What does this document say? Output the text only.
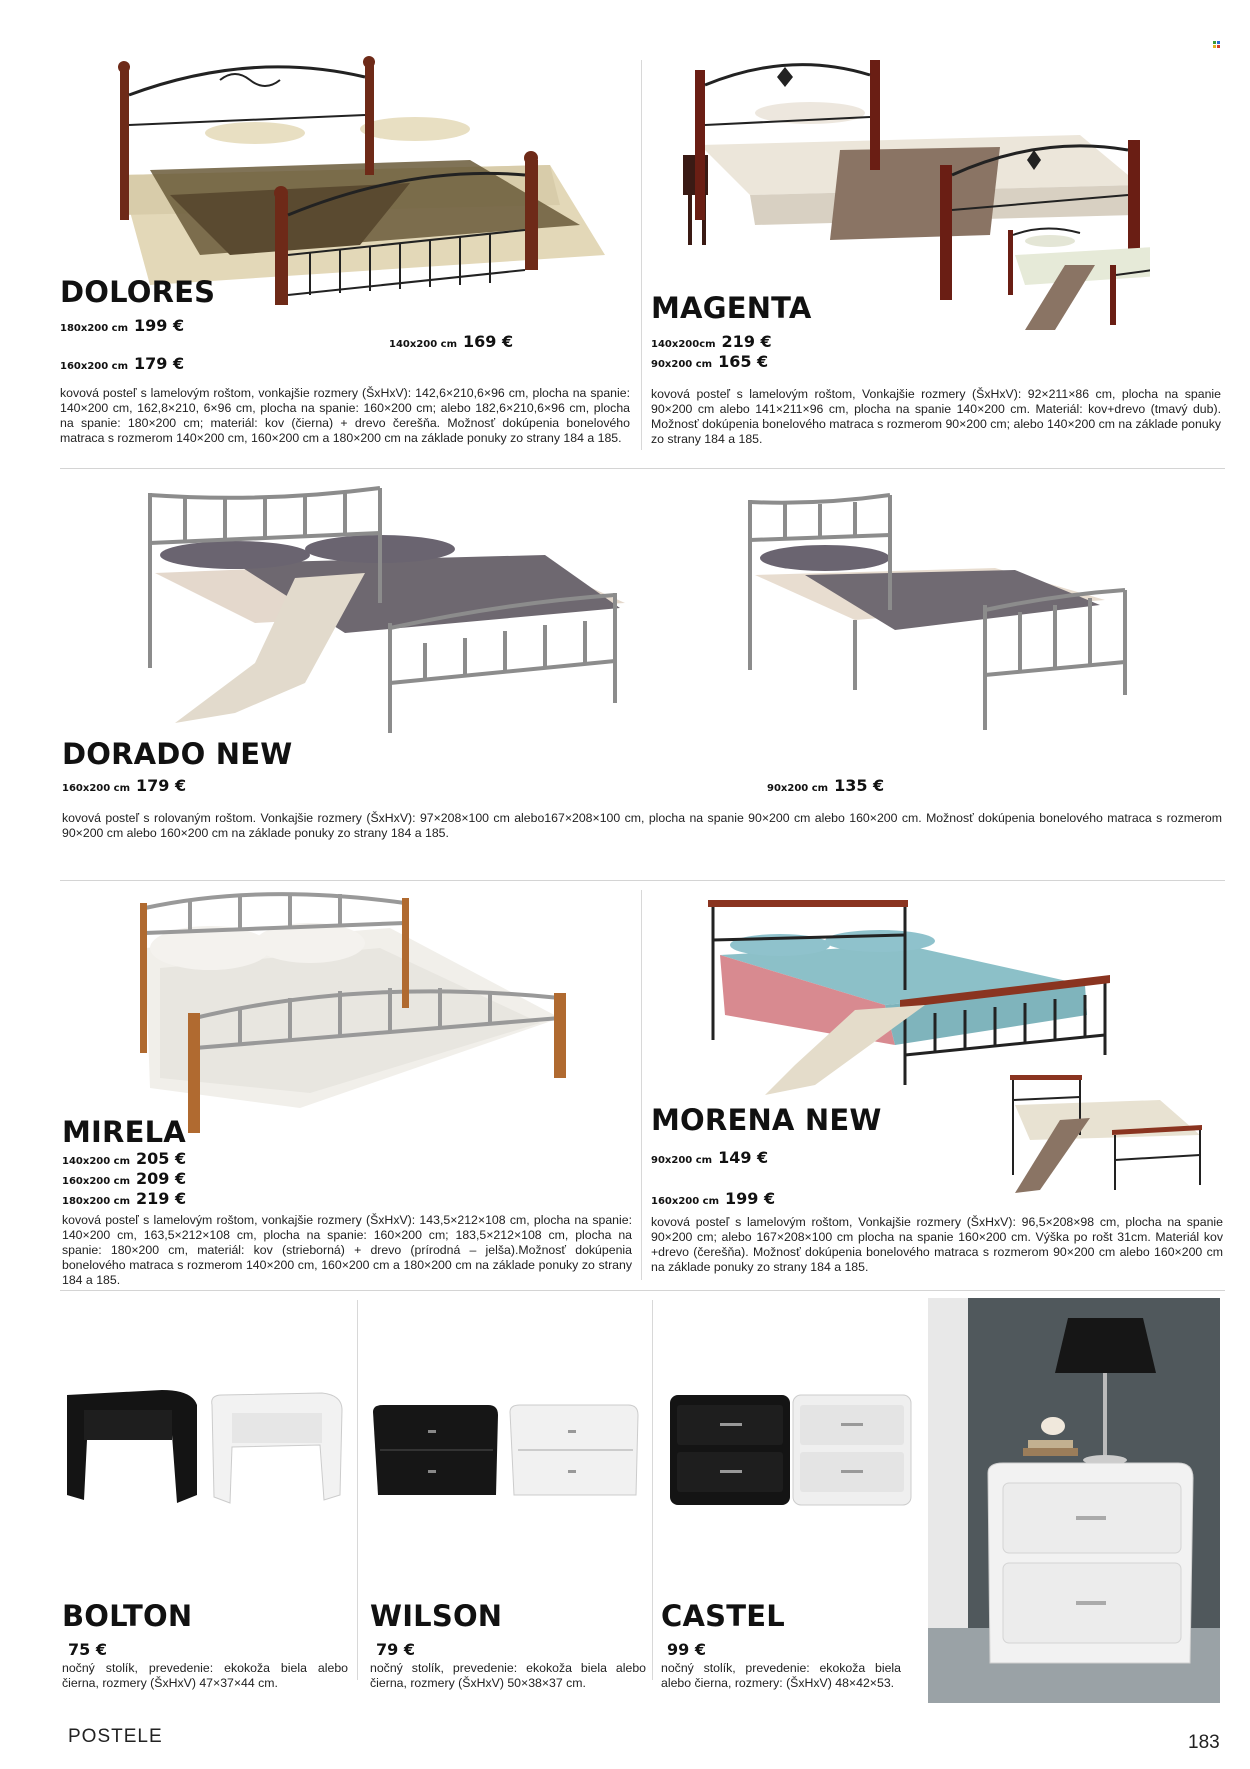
DOLORES
180x200 cm 199 €
160x200 cm 179 €
140x200 cm 169 €
kovová posteľ s lamelovým roštom, vonkajšie rozmery (ŠxHxV): 142,6×210,6×96 cm, plocha na spanie: 140×200 cm, 162,8×210, 6×96 cm, plocha na spanie: 160×200 cm; alebo 182,6×210,6×96 cm, plocha na spanie: 180×200 cm; materiál: kov (čierna) + drevo čerešňa. Možnosť dokúpenia bonelového matraca s rozmerom 140×200 cm, 160×200 cm a 180×200 cm na základe ponuky zo strany 184 a 185.
MAGENTA
140x200cm 219 €
90x200 cm 165 €
kovová posteľ s lamelovým roštom, Vonkajšie rozmery (ŠxHxV): 92×211×86 cm, plocha na spanie 90×200 cm alebo 141×211×96 cm, plocha na spanie 140×200 cm. Materiál: kov+drevo (tmavý dub). Možnosť dokúpenia bonelového matraca s rozmerom 90×200 cm; alebo 140×200 cm na základe ponuky zo strany 184 a 185.
DORADO NEW
160x200 cm 179 €	90x200 cm 135 €
kovová posteľ s rolovaným roštom. Vonkajšie rozmery (ŠxHxV): 97×208×100 cm alebo167×208×100 cm, plocha na spanie 90×200 cm alebo 160×200 cm. Možnosť dokúpenia bonelového matraca s rozmerom 90×200 cm alebo 160×200 cm na základe ponuky zo strany 184 a 185.
MIRELA
140x200 cm 205 €
160x200 cm 209 €
180x200 cm 219 €
kovová posteľ s lamelovým roštom, vonkajšie rozmery (ŠxHxV): 143,5×212×108 cm, plocha na spanie: 140×200 cm, 163,5×212×108 cm, plocha na spanie: 160×200 cm; 183,5×212×108 cm, plocha na spanie: 180×200 cm, materiál: kov (strieborná) + drevo (prírodná – jelša).Možnosť dokúpenia bonelového matraca s rozmerom 140×200 cm, 160×200 cm a 180×200 cm na základe ponuky zo strany 184 a 185.
MORENA NEW
90x200 cm 149 €
160x200 cm 199 €
kovová posteľ s lamelovým roštom, Vonkajšie rozmery (ŠxHxV): 96,5×208×98 cm, plocha na spanie 90×200 cm; alebo 167×208×100 cm plocha na spanie 160×200 cm. Výška po rošt 31cm. Materiál kov +drevo (čerešňa). Možnosť dokúpenia bonelového matraca s rozmerom 90×200 cm alebo 160×200 cm na základe ponuky zo strany 184 a 185.
BOLTON
75 €
nočný stolík, prevedenie: ekokoža biela alebo čierna, rozmery (ŠxHxV) 47×37×44 cm.
WILSON
79 €
nočný stolík, prevedenie: ekokoža biela alebo čierna, rozmery (ŠxHxV) 50×38×37 cm.
CASTEL
99 €
nočný stolík, prevedenie: ekokoža biela alebo čierna, rozmery: (ŠxHxV) 48×42×53.
POSTELE	183
